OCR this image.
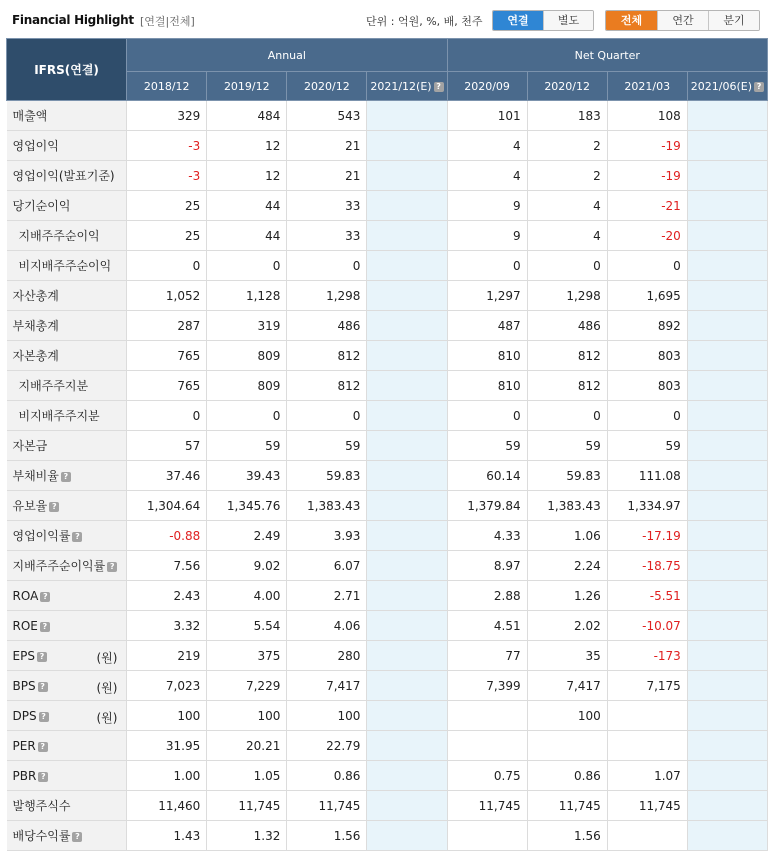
Financial Highlight [연결|전체]	단위 : 억원, %, 배, 천주	연결	별도	전체	연간	분기
IFRS(연결)	Annual				Net Quarter			
	2018/12	2019/12	2020/12	2021/12(E) ?	2020/09	2020/12	2021/03	2021/06(E) ?
매출액	329	484	543		101	183	108	
영업이익	-3	12	21		4	2	-19	
영업이익(발표기준)	-3	12	21		4	2	-19	
당기순이익	25	44	33		9	4	-21	
지배주주순이익	25	44	33		9	4	-20	
비지배주주순이익	0	0	0		0	0	0	
자산총계	1,052	1,128	1,298		1,297	1,298	1,695	
부채총계	287	319	486		487	486	892	
자본총계	765	809	812		810	812	803	
지배주주지분	765	809	812		810	812	803	
비지배주주지분	0	0	0		0	0	0	
자본금	57	59	59		59	59	59	
부채비율 ?	37.46	39.43	59.83		60.14	59.83	111.08	
유보율 ?	1,304.64	1,345.76	1,383.43		1,379.84	1,383.43	1,334.97	
영업이익률 ?	-0.88	2.49	3.93		4.33	1.06	-17.19	
지배주주순이익률 ?	7.56	9.02	6.07		8.97	2.24	-18.75	
ROA ?	2.43	4.00	2.71		2.88	1.26	-5.51	
ROE ?	3.32	5.54	4.06		4.51	2.02	-10.07	
EPS ? (원)	219	375	280		77	35	-173	
BPS ? (원)	7,023	7,229	7,417		7,399	7,417	7,175	
DPS ? (원)	100	100	100			100		
PER ?	31.95	20.21	22.79					
PBR ?	1.00	1.05	0.86		0.75	0.86	1.07	
발행주식수	11,460	11,745	11,745		11,745	11,745	11,745	
배당수익률 ?	1.43	1.32	1.56			1.56		
